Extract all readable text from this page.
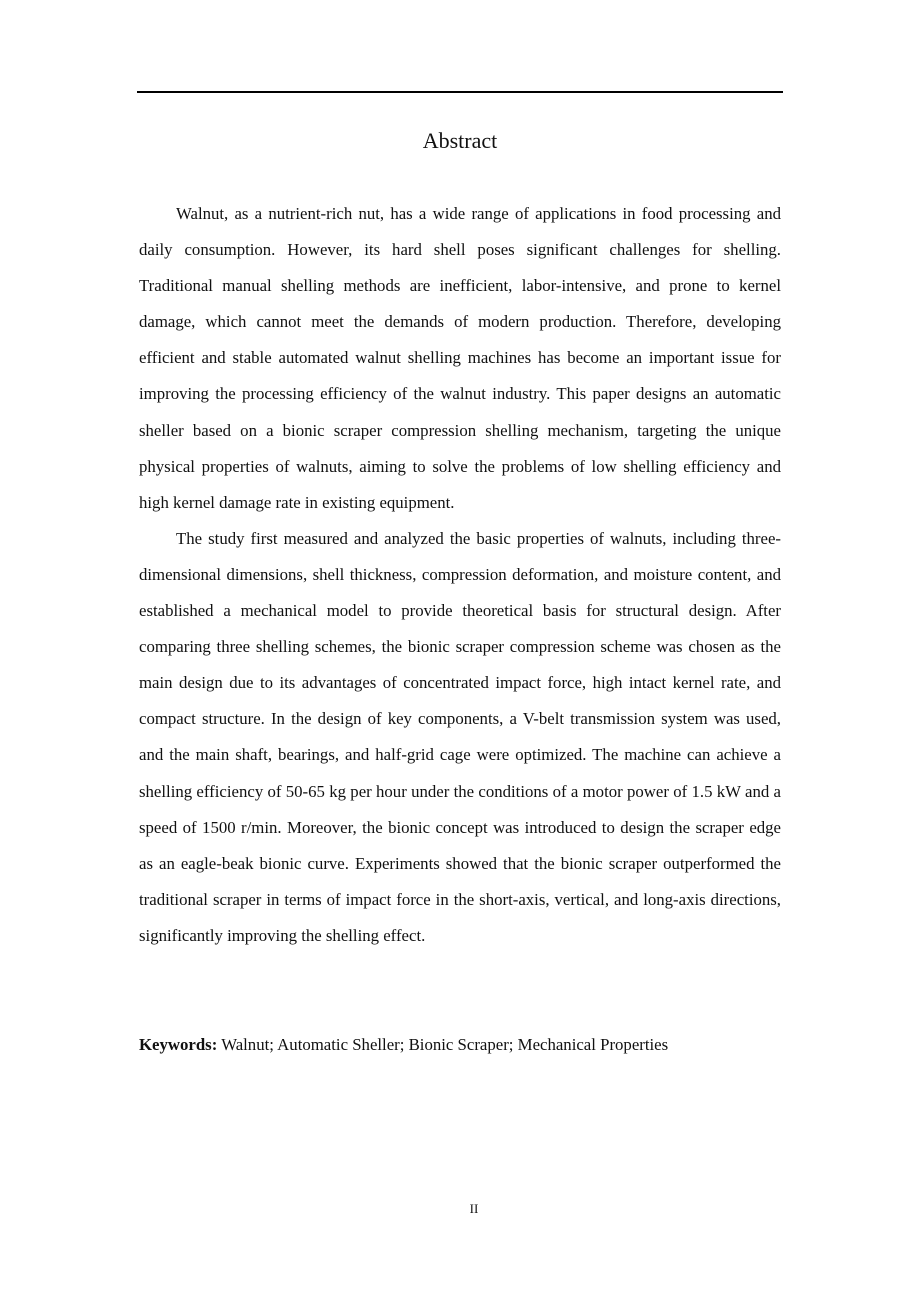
Abstract

Walnut, as a nutrient-rich nut, has a wide range of applications in food processing and daily consumption. However, its hard shell poses significant challenges for shelling. Traditional manual shelling methods are inefficient, labor-intensive, and prone to kernel damage, which cannot meet the demands of modern production. Therefore, developing efficient and stable automated walnut shelling machines has become an important issue for improving the processing efficiency of the walnut industry. This paper designs an automatic sheller based on a bionic scraper compression shelling mechanism, targeting the unique physical properties of walnuts, aiming to solve the problems of low shelling efficiency and high kernel damage rate in existing equipment.

The study first measured and analyzed the basic properties of walnuts, including three-dimensional dimensions, shell thickness, compression deformation, and moisture content, and established a mechanical model to provide theoretical basis for structural design. After comparing three shelling schemes, the bionic scraper compression scheme was chosen as the main design due to its advantages of concentrated impact force, high intact kernel rate, and compact structure. In the design of key components, a V-belt transmission system was used, and the main shaft, bearings, and half-grid cage were optimized. The machine can achieve a shelling efficiency of 50-65 kg per hour under the conditions of a motor power of 1.5 kW and a speed of 1500 r/min. Moreover, the bionic concept was introduced to design the scraper edge as an eagle-beak bionic curve. Experiments showed that the bionic scraper outperformed the traditional scraper in terms of impact force in the short-axis, vertical, and long-axis directions, significantly improving the shelling effect.

Keywords: Walnut; Automatic Sheller; Bionic Scraper; Mechanical Properties

II
